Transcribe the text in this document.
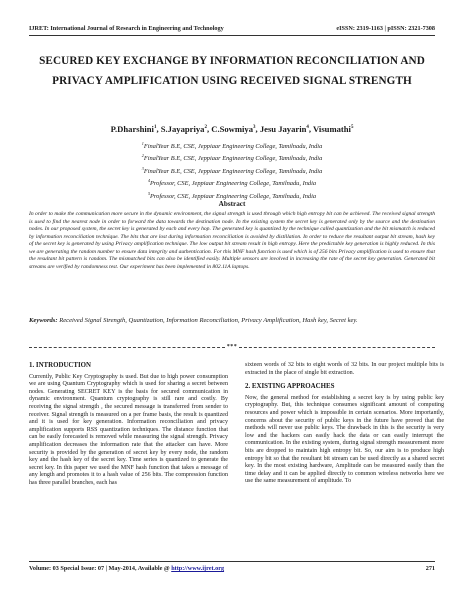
IJRET: International Journal of Research in Engineering and Technology	eISSN: 2319-1163 | pISSN: 2321-7308
SECURED KEY EXCHANGE BY INFORMATION RECONCILIATION AND PRIVACY AMPLIFICATION USING RECEIVED SIGNAL STRENGTH
P.Dharshini$^1$, S.Jayapriya$^2$, C.Sowmiya$^3$, Jesu Jayarin$^4$, Visumathi$^5$
$^1$FinalYear B.E, CSE, Jeppiaar Engineering College, Tamilnadu, India
$^2$FinalYear B.E, CSE, Jeppiaar Engineering College, Tamilnadu, India
$^3$FinalYear B.E, CSE, Jeppiaar Engineering College, Tamilnadu, India
$^4$Professor, CSE, Jeppiaar Engineering College, Tamilnadu, India
$^5$Professor, CSE, Jeppiaar Engineering College, Tamilnadu, India
Abstract
In order to make the communication more secure in the dynamic environment, the signal strength is used through which high entropy bit can be achieved. The received signal strength is used to find the nearest node in order to forward the data towards the destination node. In the existing system the secret key is generated only by the source and the destination nodes. In our proposed system, the secret key is generated by each and every hop. The generated key is quantized by the technique called quantization and the bit mismatch is reduced by information reconciliation technique. The bits that are lost during information reconciliation is avoided by distillation. In order to reduce the resultant output bit stream, hash key of the secret key is generated by using Privacy amplification technique. The low output bit stream result in high entropy. Here the predictable key generation is highly reduced. In this we are generating the random number to ensure data integrity and authentication. For this MNF hash function is used which is of 256 bits Privacy amplification is used to ensure that the resultant bit pattern is random. The mismatched bits can also be identified easily. Multiple sensors are involved in increasing the rate of the secret key generation. Generated bit streams are verified by randomness test. Our experiment has been implemented in 802.11A laptops.
Keywords: Received Signal Strength, Quantization, Information Reconciliation, Privacy Amplification, Hash key, Secret key.
***
1. INTRODUCTION

Currently, Public Key Cryptography is used. But due to high power consumption we are using Quantum Cryptography which is used for sharing a secret between nodes. Generating SECRET KEY is the basis for secured communication in dynamic environment. Quantum cryptography is still rare and costly. By receiving the signal strength , the secured message is transferred from sender to receiver. Signal strength is measured on a per frame basis, the result is quantized and it is used for key generation. Information reconciliation and privacy amplification supports RSS quantization techniques. The distance function that can be easily forecasted is removed while measuring the signal strength. Privacy amplification decreases the information rate that the attacker can have. More security is provided by the generation of secret key by every node, the random key and the hash key of the secret key. Time series is quantized to generate the secret key. In this paper we used the MNF hash function that takes a message of any length and promotes it to a hash value of 256 bits. The compression function has three parallel branches, each has

sixteen words of 32 bits to eight words of 32 bits. In our project multiple bits is extracted in the place of single bit extraction.

2. EXISTING APPROACHES

Now, the general method for establishing a secret key is by using public key cryptography. But, this technique consumes significant amount of computing resources and power which is impossible in certain scenarios. More importantly, concerns about the security of public keys in the future have proved that the methods will never use public keys. The drawback in this is the security is very low and the hackers can easily hack the data or can easily interrupt the communication. In the existing system, during signal strength measurement more bits are dropped to maintain high entropy bit. So, our aim is to produce high entropy bit so that the resultant bit stream can be used directly as a shared secret key. In the most existing hardware, Amplitude can be measured easily than the time delay and it can be applied directly to common wireless networks here we use the same measurement of amplitude. To

Volume: 03 Special Issue: 07 | May-2014, Available @ http://www.ijret.org	271
